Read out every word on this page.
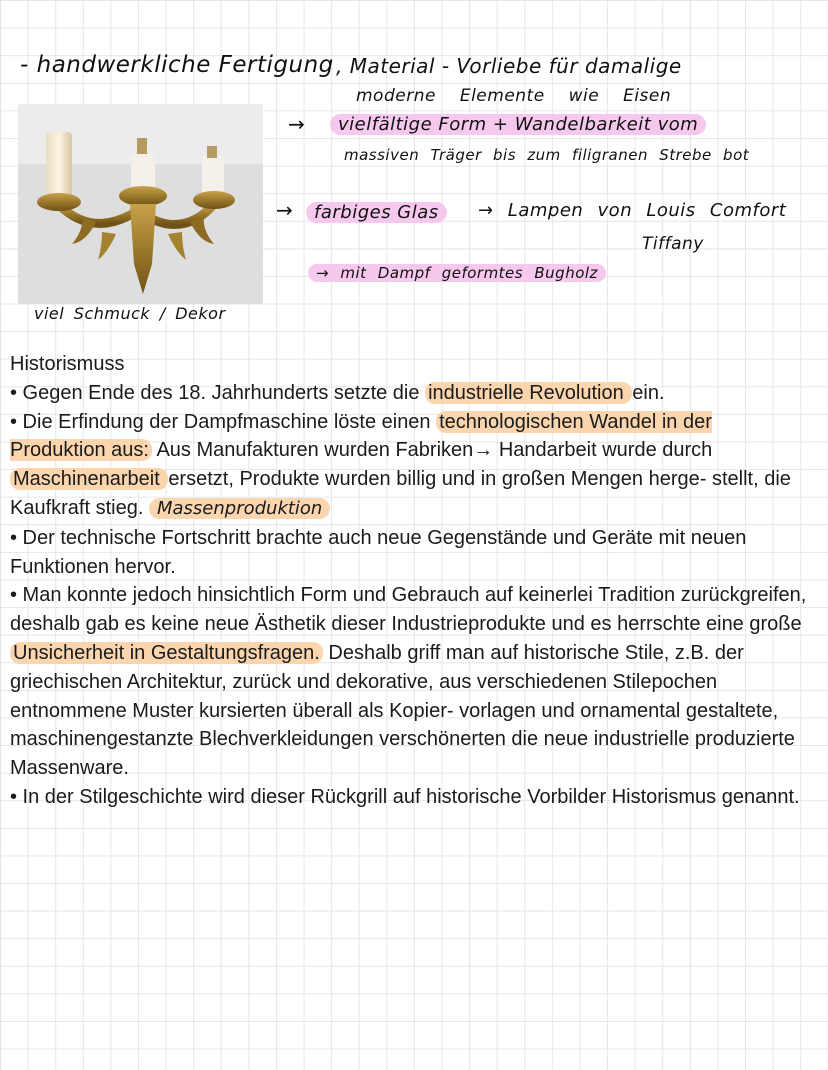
- handwerkliche Fertigung , Material - Vorliebe für damalige
moderne Elemente wie Eisen
→	vielfältige Form + Wandelbarkeit vom
massiven Träger bis zum filigranen Strebe bot
→	farbiges Glas	→ Lampen von Louis Comfort
Tiffany
→ mit Dampf geformtes Bugholz
viel Schmuck / Dekor

Historismuss

• Gegen Ende des 18. Jahrhunderts setzte die industrielle Revolution ein.

• Die Erfindung der Dampfmaschine löste einen technologischen Wandel in der Produktion aus: Aus Manufakturen wurden Fabriken→ Handarbeit wurde durch Maschinenarbeit ersetzt, Produkte wurden billig und in großen Mengen herge- stellt, die Kaufkraft stieg. Massenproduktion

• Der technische Fortschritt brachte auch neue Gegenstände und Geräte mit neuen Funktionen hervor.

• Man konnte jedoch hinsichtlich Form und Gebrauch auf keinerlei Tradition zurückgreifen, deshalb gab es keine neue Ästhetik dieser Industrieprodukte und es herrschte eine große Unsicherheit in Gestaltungsfragen. Deshalb griff man auf historische Stile, z.B. der griechischen Architektur, zurück und dekorative, aus verschiedenen Stilepochen entnommene Muster kursierten überall als Kopier- vorlagen und ornamental gestaltete, maschinengestanzte Blechverkleidungen verschönerten die neue industrielle produzierte Massenware.

• In der Stilgeschichte wird dieser Rückgrill auf historische Vorbilder Historismus genannt.
